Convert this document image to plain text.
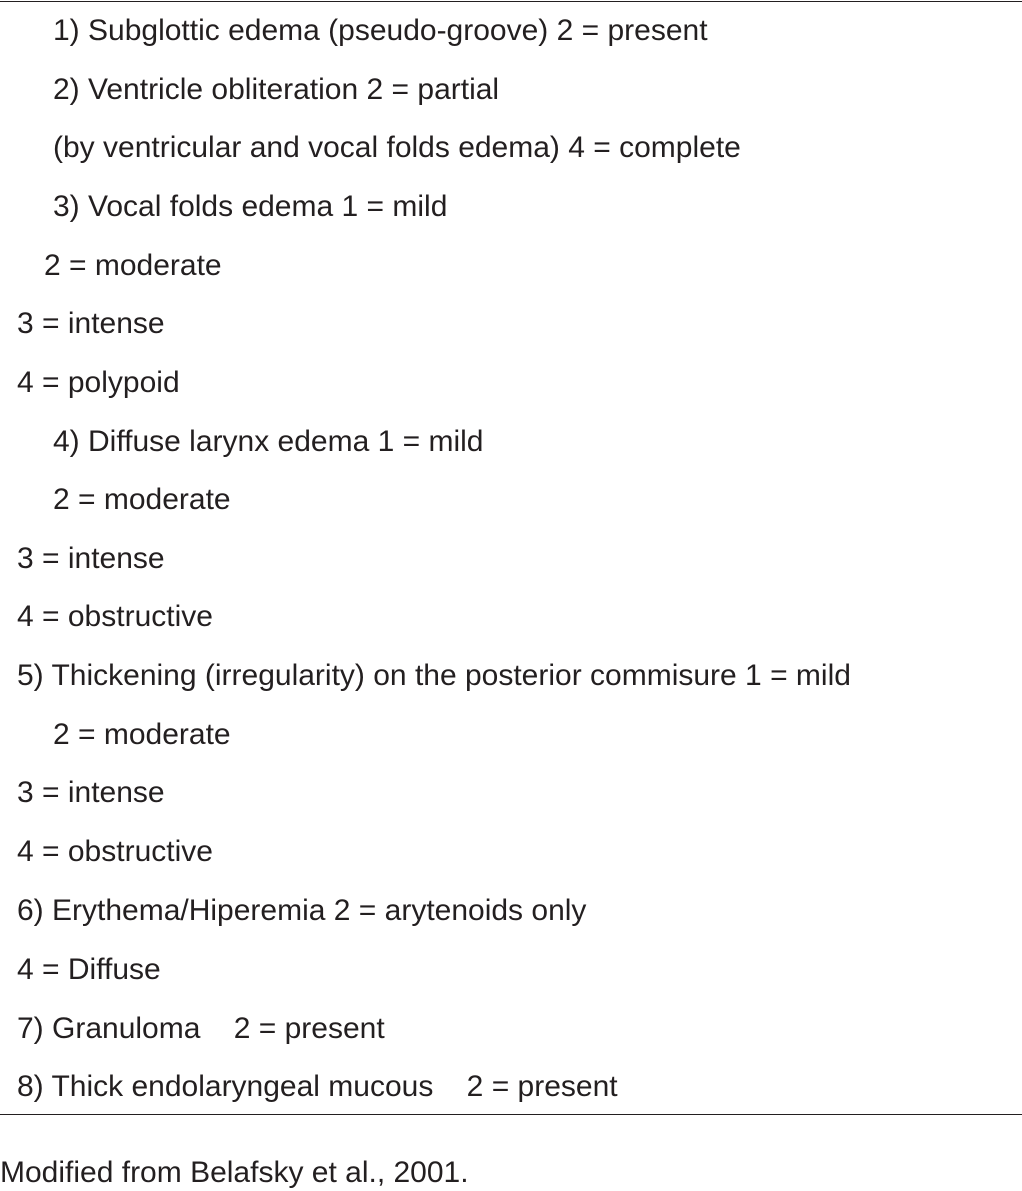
1) Subglottic edema (pseudo-groove) 2 = present

2) Ventricle obliteration 2 = partial

(by ventricular and vocal folds edema) 4 = complete

3) Vocal folds edema 1 = mild

2 = moderate

3 = intense

4 = polypoid

4) Diffuse larynx edema 1 = mild

2 = moderate

3 = intense

4 = obstructive

5) Thickening (irregularity) on the posterior commisure 1 = mild

2 = moderate

3 = intense

4 = obstructive

6) Erythema/Hiperemia 2 = arytenoids only

4 = Diffuse

7) Granuloma    2 = present

8) Thick endolaryngeal mucous    2 = present

Modified from Belafsky et al., 2001.
